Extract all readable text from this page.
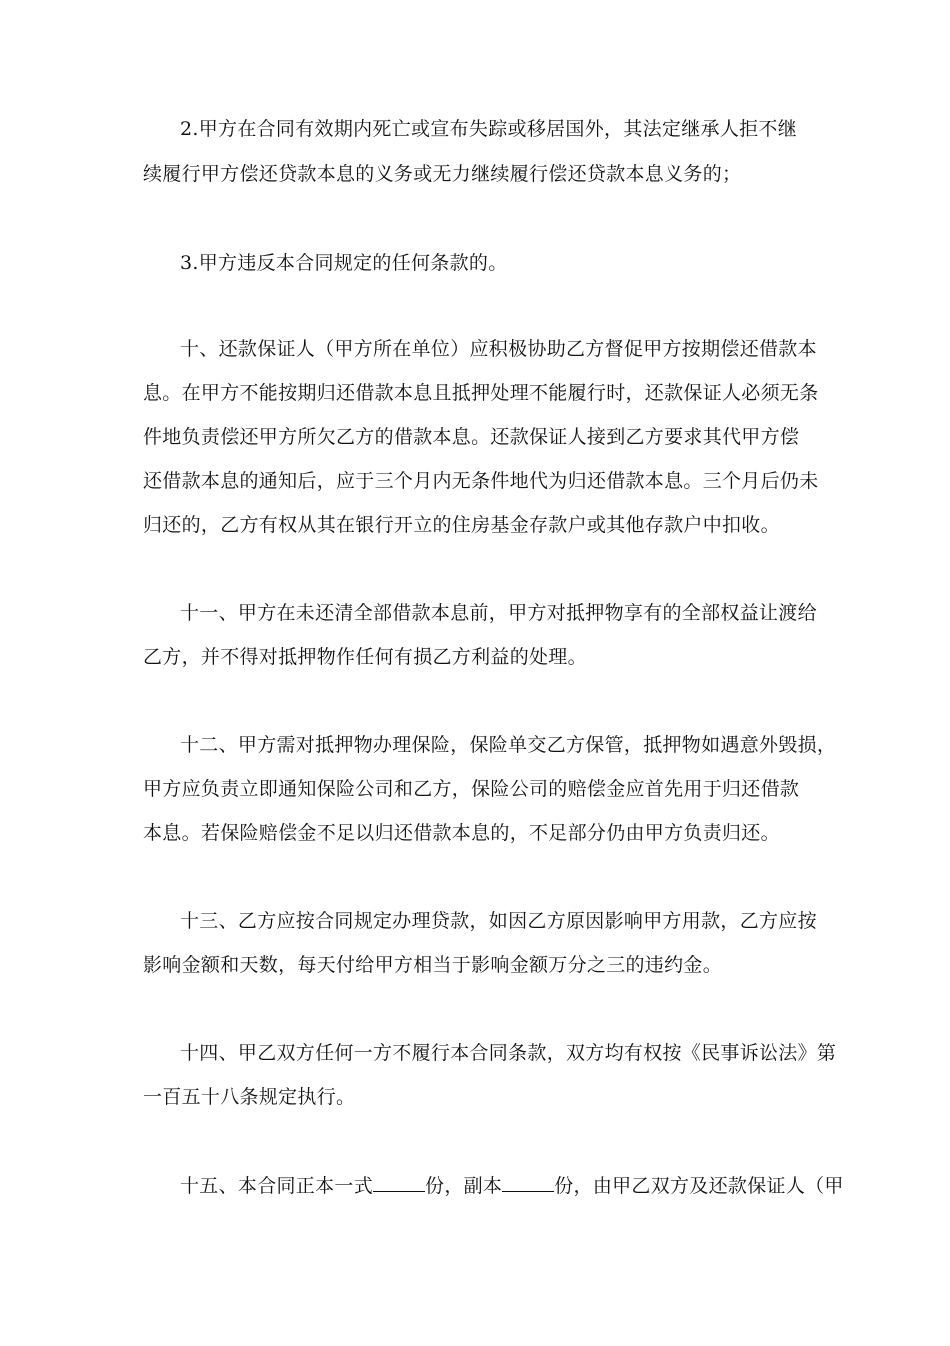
2.甲方在合同有效期内死亡或宣布失踪或移居国外，其法定继承人拒不继
续履行甲方偿还贷款本息的义务或无力继续履行偿还贷款本息义务的；
3.甲方违反本合同规定的任何条款的。
十、还款保证人（甲方所在单位）应积极协助乙方督促甲方按期偿还借款本
息。在甲方不能按期归还借款本息且抵押处理不能履行时，还款保证人必须无条
件地负责偿还甲方所欠乙方的借款本息。还款保证人接到乙方要求其代甲方偿
还借款本息的通知后，应于三个月内无条件地代为归还借款本息。三个月后仍未
归还的，乙方有权从其在银行开立的住房基金存款户或其他存款户中扣收。
十一、甲方在未还清全部借款本息前，甲方对抵押物享有的全部权益让渡给
乙方，并不得对抵押物作任何有损乙方利益的处理。
十二、甲方需对抵押物办理保险，保险单交乙方保管，抵押物如遇意外毁损，
甲方应负责立即通知保险公司和乙方，保险公司的赔偿金应首先用于归还借款
本息。若保险赔偿金不足以归还借款本息的，不足部分仍由甲方负责归还。
十三、乙方应按合同规定办理贷款，如因乙方原因影响甲方用款，乙方应按
影响金额和天数，每天付给甲方相当于影响金额万分之三的违约金。
十四、甲乙双方任何一方不履行本合同条款，双方均有权按《民事诉讼法》第
一百五十八条规定执行。
十五、本合同正本一式	份，副本	份，由甲乙双方及还款保证人（甲
